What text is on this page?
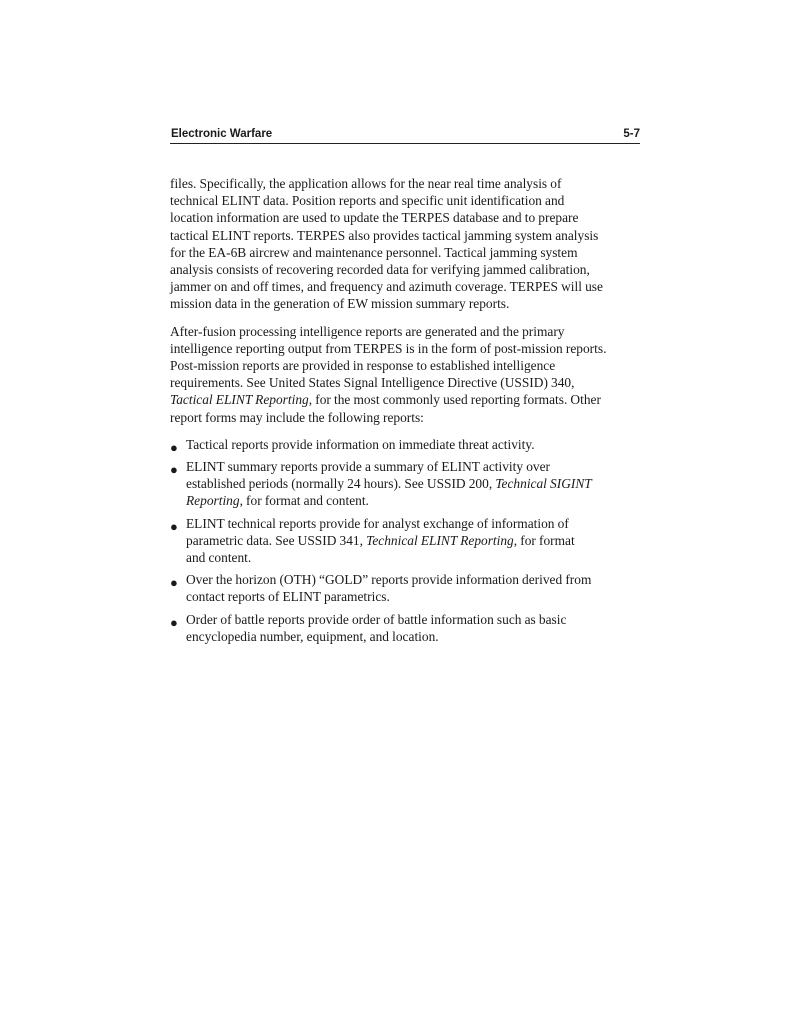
Electronic Warfare	5-7

files. Specifically, the application allows for the near real time analysis of
technical ELINT data. Position reports and specific unit identification and
location information are used to update the TERPES database and to prepare
tactical ELINT reports. TERPES also provides tactical jamming system analysis
for the EA-6B aircrew and maintenance personnel. Tactical jamming system
analysis consists of recovering recorded data for verifying jammed calibration,
jammer on and off times, and frequency and azimuth coverage. TERPES will use
mission data in the generation of EW mission summary reports.

After-fusion processing intelligence reports are generated and the primary
intelligence reporting output from TERPES is in the form of post-mission reports.
Post-mission reports are provided in response to established intelligence
requirements. See United States Signal Intelligence Directive (USSID) 340,
Tactical ELINT Reporting, for the most commonly used reporting formats. Other
report forms may include the following reports:

● Tactical reports provide information on immediate threat activity.
● ELINT summary reports provide a summary of ELINT activity over
established periods (normally 24 hours). See USSID 200, Technical SIGINT
Reporting, for format and content.
● ELINT technical reports provide for analyst exchange of information of
parametric data. See USSID 341, Technical ELINT Reporting, for format
and content.
● Over the horizon (OTH) “GOLD” reports provide information derived from
contact reports of ELINT parametrics.
● Order of battle reports provide order of battle information such as basic
encyclopedia number, equipment, and location.
